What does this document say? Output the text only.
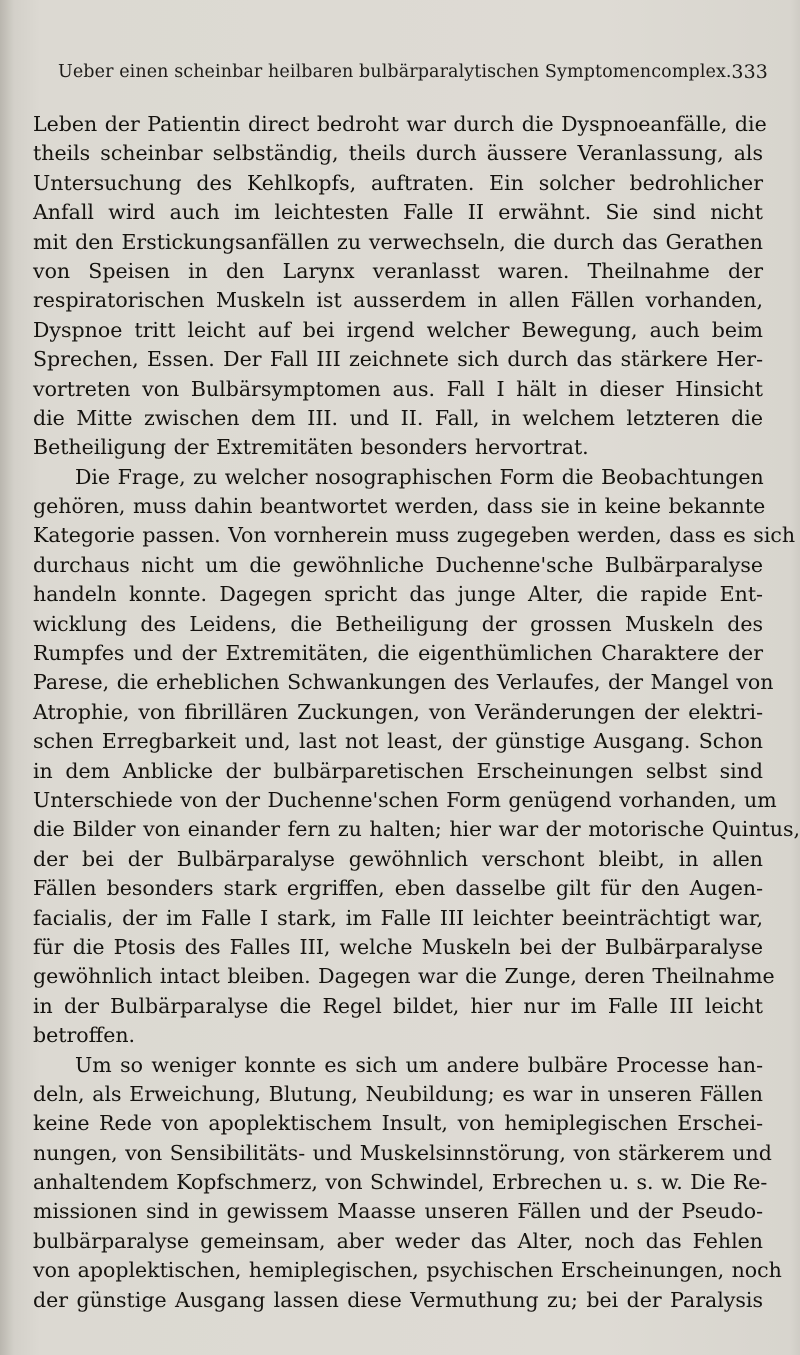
Ueber einen scheinbar heilbaren bulbärparalytischen Symptomencomplex. 333
Leben der Patientin direct bedroht war durch die Dyspnoeanfälle, die
theils scheinbar selbständig, theils durch äussere Veranlassung, als
Untersuchung des Kehlkopfs, auftraten. Ein solcher bedrohlicher
Anfall wird auch im leichtesten Falle II erwähnt. Sie sind nicht
mit den Erstickungsanfällen zu verwechseln, die durch das Gerathen
von Speisen in den Larynx veranlasst waren. Theilnahme der
respiratorischen Muskeln ist ausserdem in allen Fällen vorhanden,
Dyspnoe tritt leicht auf bei irgend welcher Bewegung, auch beim
Sprechen, Essen. Der Fall III zeichnete sich durch das stärkere Her-
vortreten von Bulbärsymptomen aus. Fall I hält in dieser Hinsicht
die Mitte zwischen dem III. und II. Fall, in welchem letzteren die
Betheiligung der Extremitäten besonders hervortrat.
Die Frage, zu welcher nosographischen Form die Beobachtungen
gehören, muss dahin beantwortet werden, dass sie in keine bekannte
Kategorie passen. Von vornherein muss zugegeben werden, dass es sich
durchaus nicht um die gewöhnliche Duchenne'sche Bulbärparalyse
handeln konnte. Dagegen spricht das junge Alter, die rapide Ent-
wicklung des Leidens, die Betheiligung der grossen Muskeln des
Rumpfes und der Extremitäten, die eigenthümlichen Charaktere der
Parese, die erheblichen Schwankungen des Verlaufes, der Mangel von
Atrophie, von fibrillären Zuckungen, von Veränderungen der elektri-
schen Erregbarkeit und, last not least, der günstige Ausgang. Schon
in dem Anblicke der bulbärparetischen Erscheinungen selbst sind
Unterschiede von der Duchenne'schen Form genügend vorhanden, um
die Bilder von einander fern zu halten; hier war der motorische Quintus,
der bei der Bulbärparalyse gewöhnlich verschont bleibt, in allen
Fällen besonders stark ergriffen, eben dasselbe gilt für den Augen-
facialis, der im Falle I stark, im Falle III leichter beeinträchtigt war,
für die Ptosis des Falles III, welche Muskeln bei der Bulbärparalyse
gewöhnlich intact bleiben. Dagegen war die Zunge, deren Theilnahme
in der Bulbärparalyse die Regel bildet, hier nur im Falle III leicht
betroffen.
Um so weniger konnte es sich um andere bulbäre Processe han-
deln, als Erweichung, Blutung, Neubildung; es war in unseren Fällen
keine Rede von apoplektischem Insult, von hemiplegischen Erschei-
nungen, von Sensibilitäts- und Muskelsinnstörung, von stärkerem und
anhaltendem Kopfschmerz, von Schwindel, Erbrechen u. s. w. Die Re-
missionen sind in gewissem Maasse unseren Fällen und der Pseudo-
bulbärparalyse gemeinsam, aber weder das Alter, noch das Fehlen
von apoplektischen, hemiplegischen, psychischen Erscheinungen, noch
der günstige Ausgang lassen diese Vermuthung zu; bei der Paralysis
